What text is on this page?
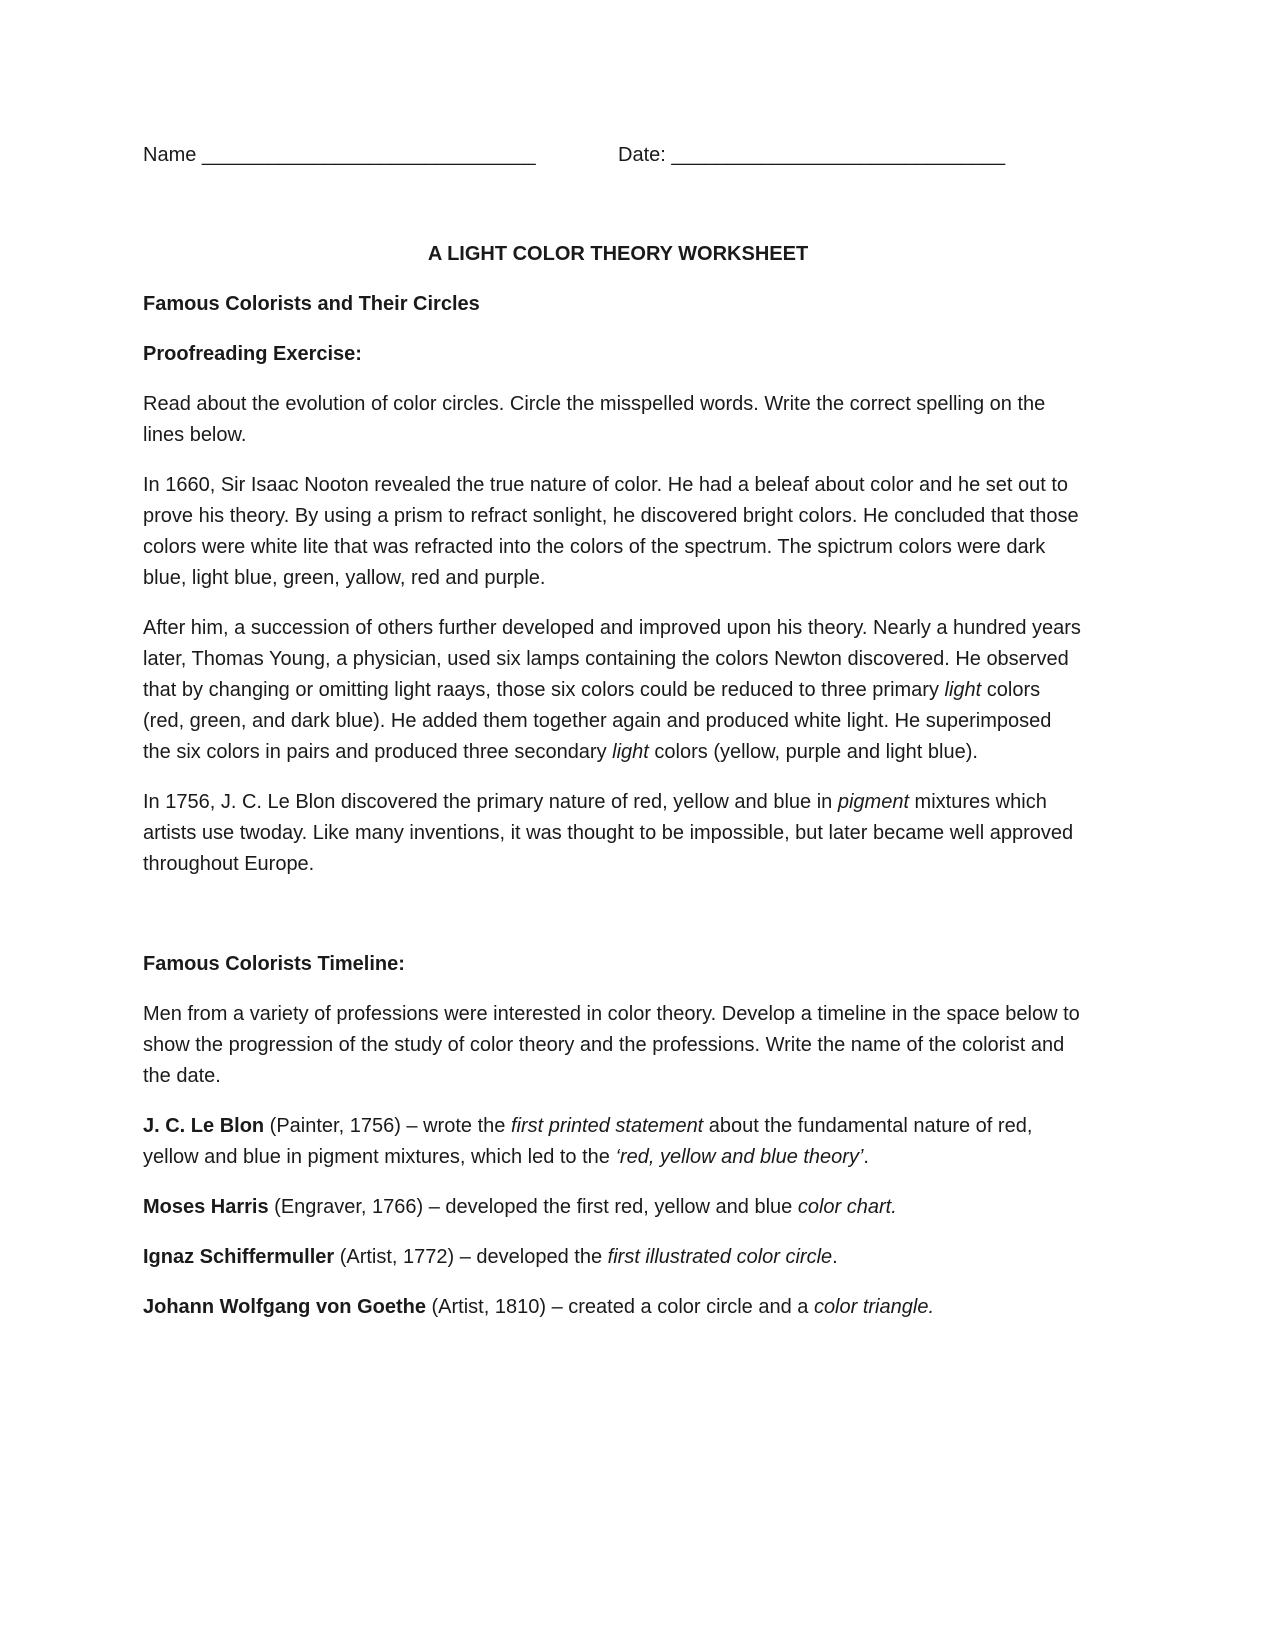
Name ______________________________	Date: ______________________________
A LIGHT COLOR THEORY WORKSHEET
Famous Colorists and Their Circles
Proofreading Exercise:

Read about the evolution of color circles. Circle the misspelled words. Write the correct spelling on the lines below.

In 1660, Sir Isaac Nooton revealed the true nature of color. He had a beleaf about color and he set out to prove his theory. By using a prism to refract sonlight, he discovered bright colors. He concluded that those colors were white lite that was refracted into the colors of the spectrum. The spictrum colors were dark blue, light blue, green, yallow, red and purple.

After him, a succession of others further developed and improved upon his theory. Nearly a hundred years later, Thomas Young, a physician, used six lamps containing the colors Newton discovered. He observed that by changing or omitting light raays, those six colors could be reduced to three primary light colors (red, green, and dark blue). He added them together again and produced white light. He superimposed the six colors in pairs and produced three secondary light colors (yellow, purple and light blue).

In 1756, J. C. Le Blon discovered the primary nature of red, yellow and blue in pigment mixtures which artists use twoday. Like many inventions, it was thought to be impossible, but later became well approved throughout Europe.

Famous Colorists Timeline:

Men from a variety of professions were interested in color theory. Develop a timeline in the space below to show the progression of the study of color theory and the professions. Write the name of the colorist and the date.

J. C. Le Blon (Painter, 1756) – wrote the first printed statement about the fundamental nature of red, yellow and blue in pigment mixtures, which led to the ‘red, yellow and blue theory’.

Moses Harris (Engraver, 1766) – developed the first red, yellow and blue color chart.

Ignaz Schiffermuller (Artist, 1772) – developed the first illustrated color circle.

Johann Wolfgang von Goethe (Artist, 1810) – created a color circle and a color triangle.
